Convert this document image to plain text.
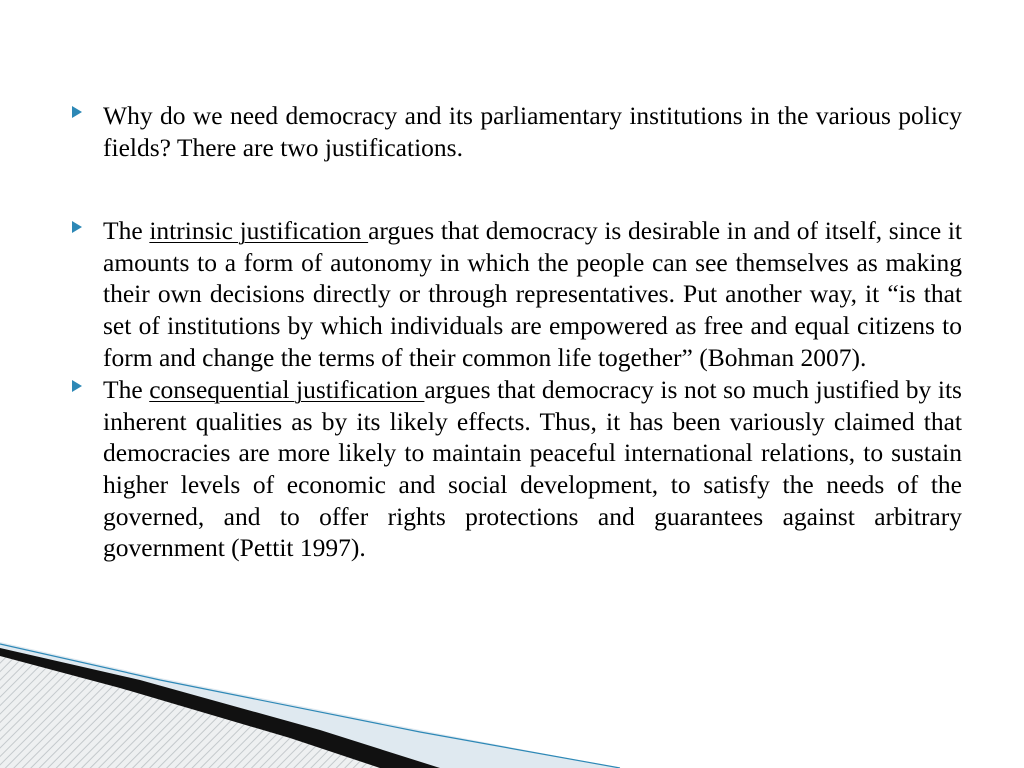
Why do we need democracy and its parliamentary institutions in the various policy fields? There are two justifications.
The intrinsic justification argues that democracy is desirable in and of itself, since it amounts to a form of autonomy in which the people can see themselves as making their own decisions directly or through representatives. Put another way, it “is that set of institutions by which individuals are empowered as free and equal citizens to form and change the terms of their common life together” (Bohman 2007).
The consequential justification argues that democracy is not so much justified by its inherent qualities as by its likely effects. Thus, it has been variously claimed that democracies are more likely to maintain peaceful international relations, to sustain higher levels of economic and social development, to satisfy the needs of the governed, and to offer rights protections and guarantees against arbitrary government (Pettit 1997).
